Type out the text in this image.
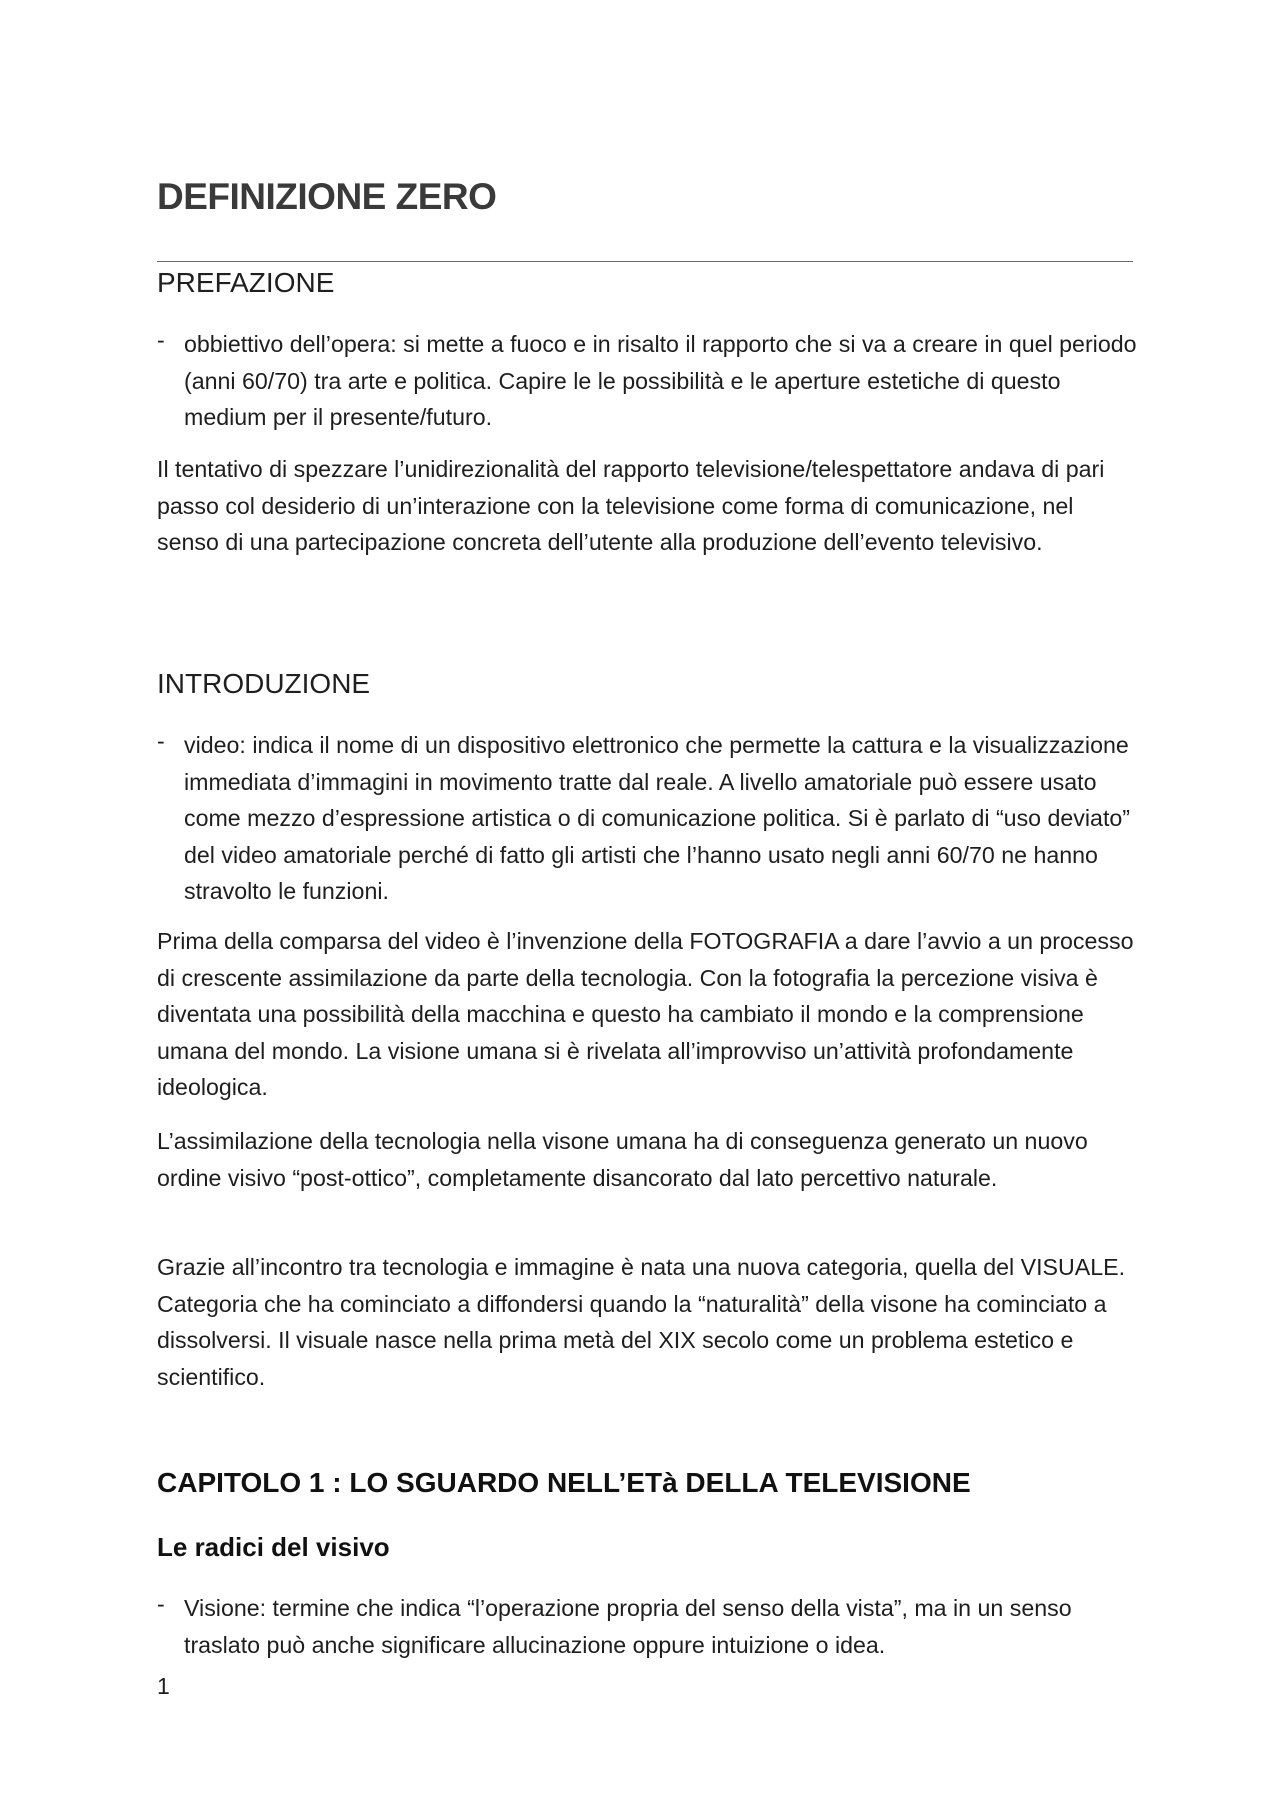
DEFINIZIONE ZERO
PREFAZIONE
- obbiettivo dell’opera: si mette a fuoco e in risalto il rapporto che si va a creare in quel periodo (anni 60/70) tra arte e politica. Capire le le possibilità e le aperture estetiche di questo medium per il presente/futuro.

Il tentativo di spezzare l’unidirezionalità del rapporto televisione/telespettatore andava di pari passo col desiderio di un’interazione con la televisione come forma di comunicazione, nel senso di una partecipazione concreta dell’utente alla produzione dell’evento televisivo.

INTRODUZIONE
- video: indica il nome di un dispositivo elettronico che permette la cattura e la visualizzazione immediata d’immagini in movimento tratte dal reale. A livello amatoriale può essere usato come mezzo d’espressione artistica o di comunicazione politica. Si è parlato di “uso deviato” del video amatoriale perché di fatto gli artisti che l’hanno usato negli anni 60/70 ne hanno stravolto le funzioni.

Prima della comparsa del video è l’invenzione della FOTOGRAFIA a dare l’avvio a un processo di crescente assimilazione da parte della tecnologia. Con la fotografia la percezione visiva è diventata una possibilità della macchina e questo ha cambiato il mondo e la comprensione umana del mondo. La visione umana si è rivelata all’improvviso un’attività profondamente ideologica.

L’assimilazione della tecnologia nella visone umana ha di conseguenza generato un nuovo ordine visivo “post-ottico”, completamente disancorato dal lato percettivo naturale.

Grazie all’incontro tra tecnologia e immagine è nata una nuova categoria, quella del VISUALE. Categoria che ha cominciato a diffondersi quando la “naturalità” della visone ha cominciato a dissolversi. Il visuale nasce nella prima metà del XIX secolo come un problema estetico e scientifico.

CAPITOLO 1 : LO SGUARDO NELL’ETà DELLA TELEVISIONE
Le radici del visivo
- Visione: termine che indica “l’operazione propria del senso della vista”, ma in un senso traslato può anche significare allucinazione oppure intuizione o idea.

1
